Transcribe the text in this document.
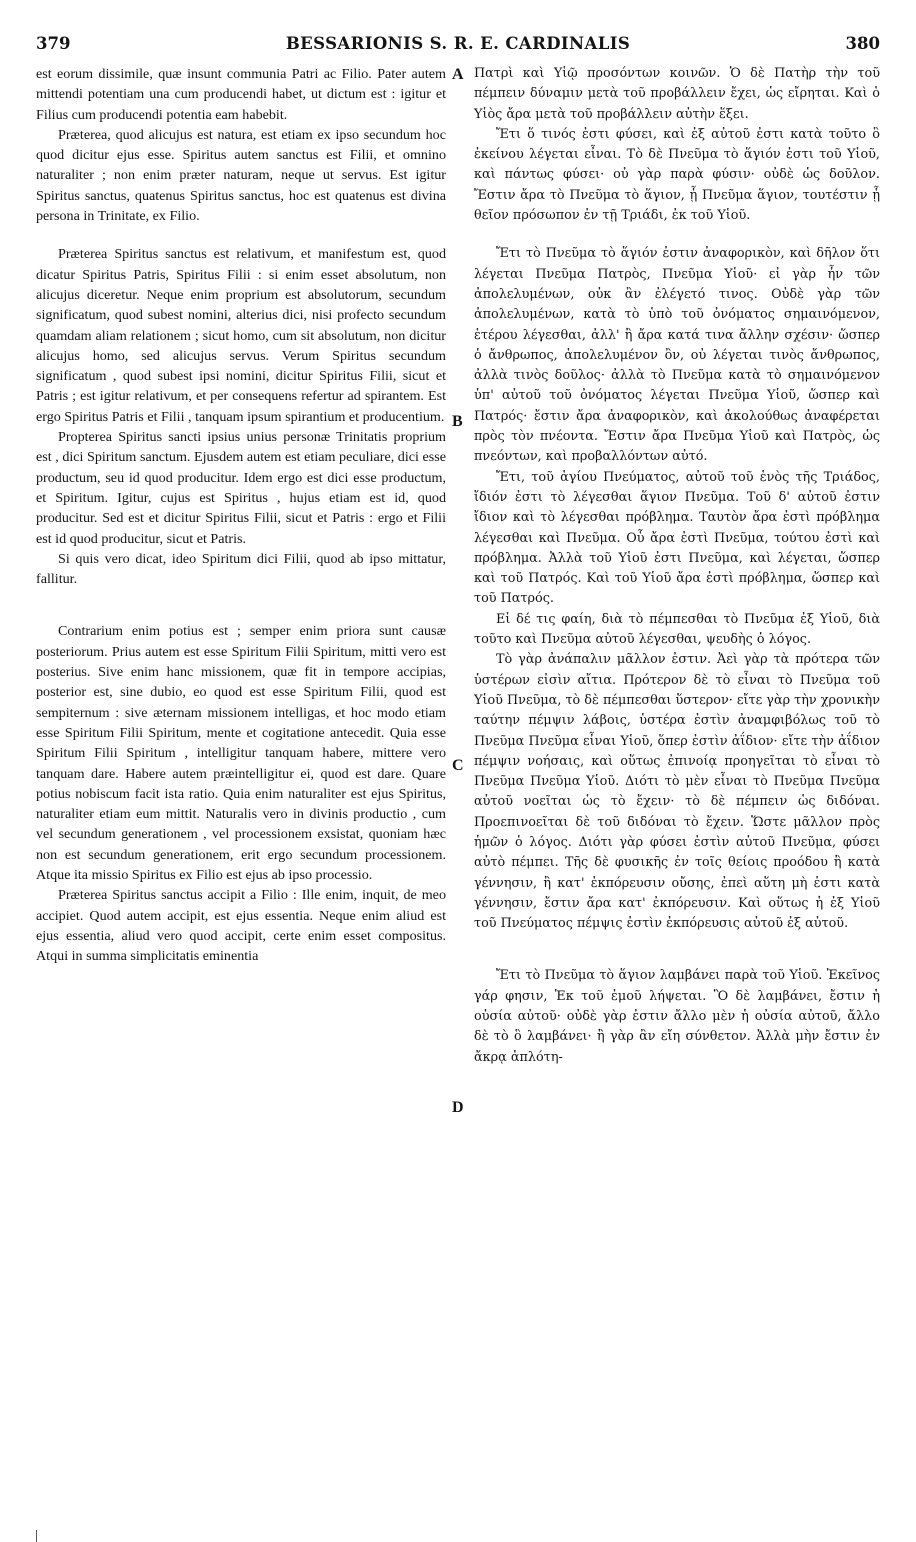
379	BESSARIONIS S. R. E. CARDINALIS	380

est eorum dissimile, quæ insunt communia Patri ac Filio. Pater autem mittendi potentiam una cum producendi habet, ut dictum est : igitur et Filius cum producendi potentia eam habebit.

Præterea, quod alicujus est natura, est etiam ex ipso secundum hoc quod dicitur ejus esse. Spiritus autem sanctus est Filii, et omnino naturaliter ; non enim præter naturam, neque ut servus. Est igitur Spiritus sanctus, quatenus Spiritus sanctus, hoc est quatenus est divina persona in Trinitate, ex Filio.

Præterea Spiritus sanctus est relativum, et manifestum est, quod dicatur Spiritus Patris, Spiritus Filii : si enim esset absolutum, non alicujus diceretur. Neque enim proprium est absolutorum, secundum significatum, quod subest nomini, alterius dici, nisi profecto secundum quamdam aliam relationem ; sicut homo, cum sit absolutum, non dicitur alicujus homo, sed alicujus servus. Verum Spiritus secundum significatum , quod subest ipsi nomini, dicitur Spiritus Filii, sicut et Patris ; est igitur relativum, et per consequens refertur ad spirantem. Est ergo Spiritus Patris et Filii , tanquam ipsum spirantium et producentium.

Propterea Spiritus sancti ipsius unius personæ Trinitatis proprium est , dici Spiritum sanctum. Ejusdem autem est etiam peculiare, dici esse productum, seu id quod producitur. Idem ergo est dici esse productum, et Spiritum. Igitur, cujus est Spiritus , hujus etiam est id, quod producitur. Sed est et dicitur Spiritus Filii, sicut et Patris : ergo et Filii est id quod producitur, sicut et Patris.

Si quis vero dicat, ideo Spiritum dici Filii, quod ab ipso mittatur, fallitur.

Contrarium enim potius est ; semper enim priora sunt causæ posteriorum. Prius autem est esse Spiritum Filii Spiritum, mitti vero est posterius. Sive enim hanc missionem, quæ fit in tempore accipias, posterior est, sine dubio, eo quod est esse Spiritum Filii, quod est sempiternum : sive æternam missionem intelligas, et hoc modo etiam esse Spiritum Filii Spiritum, mente et cogitatione antecedit. Quia esse Spiritum Filii Spiritum , intelligitur tanquam habere, mittere vero tanquam dare. Habere autem præintelligitur ei, quod est dare. Quare potius nobiscum facit ista ratio. Quia enim naturaliter est ejus Spiritus, naturaliter etiam eum mittit. Naturalis vero in divinis productio , cum vel secundum generationem , vel processionem exsistat, quoniam hæc non est secundum generationem, erit ergo secundum processionem. Atque ita missio Spiritus ex Filio est ejus ab ipso processio.

Præterea Spiritus sanctus accipit a Filio : Ille enim, inquit, de meo accipiet. Quod autem accipit, est ejus essentia. Neque enim aliud est ejus essentia, aliud vero quod accipit, certe enim esset compositus. Atqui in summa simplicitatis eminentia

A
B
C
D

Πατρὶ καὶ Υἱῷ προσόντων κοινῶν. Ὁ δὲ Πατὴρ τὴν τοῦ πέμπειν δύναμιν μετὰ τοῦ προβάλλειν ἔχει, ὡς εἴρηται. Καὶ ὁ Υἱὸς ἄρα μετὰ τοῦ προβάλλειν αὐτὴν ἕξει.

Ἔτι ὅ τινός ἐστι φύσει, καὶ ἐξ αὐτοῦ ἐστι κατὰ τοῦτο ὃ ἐκείνου λέγεται εἶναι. Τὸ δὲ Πνεῦμα τὸ ἅγιόν ἐστι τοῦ Υἱοῦ, καὶ πάντως φύσει· οὐ γὰρ παρὰ φύσιν· οὐδὲ ὡς δοῦλον. Ἔστιν ἄρα τὸ Πνεῦμα τὸ ἅγιον, ᾗ Πνεῦμα ἅγιον, τουτέστιν ᾗ θεῖον πρόσωπον ἐν τῇ Τριάδι, ἐκ τοῦ Υἱοῦ.

Ἔτι τὸ Πνεῦμα τὸ ἅγιόν ἐστιν ἀναφορικὸν, καὶ δῆλον ὅτι λέγεται Πνεῦμα Πατρὸς, Πνεῦμα Υἱοῦ· εἰ γὰρ ἦν τῶν ἀπολελυμένων, οὐκ ἂν ἐλέγετό τινος. Οὐδὲ γὰρ τῶν ἀπολελυμένων, κατὰ τὸ ὑπὸ τοῦ ὀνόματος σημαινόμενον, ἑτέρου λέγεσθαι, ἀλλ' ἢ ἄρα κατά τινα ἄλλην σχέσιν· ὥσπερ ὁ ἄνθρωπος, ἀπολελυμένον ὂν, οὐ λέγεται τινὸς ἄνθρωπος, ἀλλὰ τινὸς δοῦλος· ἀλλὰ τὸ Πνεῦμα κατὰ τὸ σημαινόμενον ὑπ' αὐτοῦ τοῦ ὀνόματος λέγεται Πνεῦμα Υἱοῦ, ὥσπερ καὶ Πατρός· ἔστιν ἄρα ἀναφορικὸν, καὶ ἀκολούθως ἀναφέρεται πρὸς τὸν πνέοντα. Ἔστιν ἄρα Πνεῦμα Υἱοῦ καὶ Πατρὸς, ὡς πνεόντων, καὶ προβαλλόντων αὐτό.

Ἔτι, τοῦ ἁγίου Πνεύματος, αὐτοῦ τοῦ ἑνὸς τῆς Τριάδος, ἴδιόν ἐστι τὸ λέγεσθαι ἅγιον Πνεῦμα. Τοῦ δ' αὐτοῦ ἐστιν ἴδιον καὶ τὸ λέγεσθαι πρόβλημα. Ταυτὸν ἄρα ἐστὶ πρόβλημα λέγεσθαι καὶ Πνεῦμα. Οὗ ἄρα ἐστὶ Πνεῦμα, τούτου ἐστὶ καὶ πρόβλημα. Ἀλλὰ τοῦ Υἱοῦ ἐστι Πνεῦμα, καὶ λέγεται, ὥσπερ καὶ τοῦ Πατρός. Καὶ τοῦ Υἱοῦ ἄρα ἐστὶ πρόβλημα, ὥσπερ καὶ τοῦ Πατρός.

Εἰ δέ τις φαίη, διὰ τὸ πέμπεσθαι τὸ Πνεῦμα ἐξ Υἱοῦ, διὰ τοῦτο καὶ Πνεῦμα αὐτοῦ λέγεσθαι, ψευδὴς ὁ λόγος.

Τὸ γὰρ ἀνάπαλιν μᾶλλον ἐστιν. Ἀεὶ γὰρ τὰ πρότερα τῶν ὑστέρων εἰσὶν αἴτια. Πρότερον δὲ τὸ εἶναι τὸ Πνεῦμα τοῦ Υἱοῦ Πνεῦμα, τὸ δὲ πέμπεσθαι ὕστερον· εἴτε γὰρ τὴν χρονικὴν ταύτην πέμψιν λάβοις, ὑστέρα ἐστὶν ἀναμφιβόλως τοῦ τὸ Πνεῦμα Πνεῦμα εἶναι Υἱοῦ, ὅπερ ἐστὶν ἀΐδιον· εἴτε τὴν ἀΐδιον πέμψιν νοήσαις, καὶ οὕτως ἐπινοίᾳ προηγεῖται τὸ εἶναι τὸ Πνεῦμα Πνεῦμα Υἱοῦ. Διότι τὸ μὲν εἶναι τὸ Πνεῦμα Πνεῦμα αὐτοῦ νοεῖται ὡς τὸ ἔχειν· τὸ δὲ πέμπειν ὡς διδόναι. Προεπινοεῖται δὲ τοῦ διδόναι τὸ ἔχειν. Ὥστε μᾶλλον πρὸς ἡμῶν ὁ λόγος. Διότι γὰρ φύσει ἐστὶν αὐτοῦ Πνεῦμα, φύσει αὐτὸ πέμπει. Τῆς δὲ φυσικῆς ἐν τοῖς θείοις προόδου ἢ κατὰ γέννησιν, ἢ κατ' ἐκπόρευσιν οὔσης, ἐπεὶ αὕτη μὴ ἐστι κατὰ γέννησιν, ἔστιν ἄρα κατ' ἐκπόρευσιν. Καὶ οὕτως ἡ ἐξ Υἱοῦ τοῦ Πνεύματος πέμψις ἐστὶν ἐκπόρευσις αὐτοῦ ἐξ αὐτοῦ.

Ἔτι τὸ Πνεῦμα τὸ ἅγιον λαμβάνει παρὰ τοῦ Υἱοῦ. Ἐκεῖνος γάρ φησιν, Ἐκ τοῦ ἐμοῦ λήψεται. Ὃ δὲ λαμβάνει, ἔστιν ἡ οὐσία αὐτοῦ· οὐδὲ γὰρ ἐστιν ἄλλο μὲν ἡ οὐσία αὐτοῦ, ἄλλο δὲ τὸ ὃ λαμβάνει· ἢ γὰρ ἂν εἴη σύνθετον. Ἀλλὰ μὴν ἔστιν ἐν ἄκρᾳ ἁπλότη-
